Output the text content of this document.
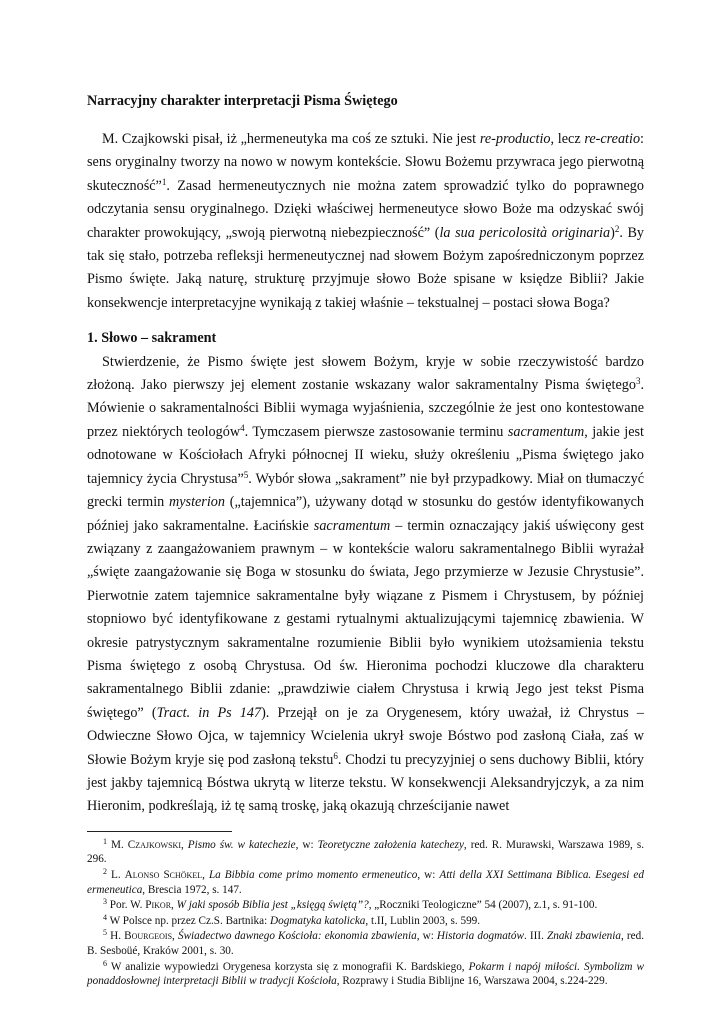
Narracyjny charakter interpretacji Pisma Świętego

M. Czajkowski pisał, iż „hermeneutyka ma coś ze sztuki. Nie jest re-productio, lecz re-creatio: sens oryginalny tworzy na nowo w nowym kontekście. Słowu Bożemu przywraca jego pierwotną skuteczność”$^1$. Zasad hermeneutycznych nie można zatem sprowadzić tylko do poprawnego odczytania sensu oryginalnego. Dzięki właściwej hermeneutyce słowo Boże ma odzyskać swój charakter prowokujący, „swoją pierwotną niebezpieczność” (la sua pericolosità originaria)$^2$. By tak się stało, potrzeba refleksji hermeneutycznej nad słowem Bożym zapośredniczonym poprzez Pismo święte. Jaką naturę, strukturę przyjmuje słowo Boże spisane w księdze Biblii? Jakie konsekwencje interpretacyjne wynikają z takiej właśnie – tekstualnej – postaci słowa Boga?

1. Słowo – sakrament

Stwierdzenie, że Pismo święte jest słowem Bożym, kryje w sobie rzeczywistość bardzo złożoną. Jako pierwszy jej element zostanie wskazany walor sakramentalny Pisma świętego$^3$. Mówienie o sakramentalności Biblii wymaga wyjaśnienia, szczególnie że jest ono kontestowane przez niektórych teologów$^4$. Tymczasem pierwsze zastosowanie terminu sacramentum, jakie jest odnotowane w Kościołach Afryki północnej II wieku, służy określeniu „Pisma świętego jako tajemnicy życia Chrystusa”$^5$. Wybór słowa „sakrament” nie był przypadkowy. Miał on tłumaczyć grecki termin mysterion („tajemnica”), używany dotąd w stosunku do gestów identyfikowanych później jako sakramentalne. Łacińskie sacramentum – termin oznaczający jakiś uświęcony gest związany z zaangażowaniem prawnym – w kontekście waloru sakramentalnego Biblii wyrażał „święte zaangażowanie się Boga w stosunku do świata, Jego przymierze w Jezusie Chrystusie”. Pierwotnie zatem tajemnice sakramentalne były wiązane z Pismem i Chrystusem, by później stopniowo być identyfikowane z gestami rytualnymi aktualizującymi tajemnicę zbawienia. W okresie patrystycznym sakramentalne rozumienie Biblii było wynikiem utożsamienia tekstu Pisma świętego z osobą Chrystusa. Od św. Hieronima pochodzi kluczowe dla charakteru sakramentalnego Biblii zdanie: „prawdziwie ciałem Chrystusa i krwią Jego jest tekst Pisma świętego” (Tract. in Ps 147). Przejął on je za Orygenesem, który uważał, iż Chrystus – Odwieczne Słowo Ojca, w tajemnicy Wcielenia ukrył swoje Bóstwo pod zasłoną Ciała, zaś w Słowie Bożym kryje się pod zasłoną tekstu$^6$. Chodzi tu precyzyjniej o sens duchowy Biblii, który jest jakby tajemnicą Bóstwa ukrytą w literze tekstu. W konsekwencji Aleksandryjczyk, a za nim Hieronim, podkreślają, iż tę samą troskę, jaką okazują chrześcijanie nawet

$^1$ M. Czajkowski, Pismo św. w katechezie, w: Teoretyczne założenia katechezy, red. R. Murawski, Warszawa 1989, s. 296.

$^2$ L. Alonso Schökel, La Bibbia come primo momento ermeneutico, w: Atti della XXI Settimana Biblica. Esegesi ed ermeneutica, Brescia 1972, s. 147.

$^3$ Por. W. Pikor, W jaki sposób Biblia jest „księgą świętą”?, „Roczniki Teologiczne” 54 (2007), z.1, s. 91-100.

$^4$ W Polsce np. przez Cz.S. Bartnika: Dogmatyka katolicka, t.II, Lublin 2003, s. 599.

$^5$ H. Bourgeois, Świadectwo dawnego Kościoła: ekonomia zbawienia, w: Historia dogmatów. III. Znaki zbawienia, red. B. Sesboüé, Kraków 2001, s. 30.

$^6$ W analizie wypowiedzi Orygenesa korzysta się z monografii K. Bardskiego, Pokarm i napój miłości. Symbolizm w ponaddosłownej interpretacji Biblii w tradycji Kościoła, Rozprawy i Studia Biblijne 16, Warszawa 2004, s.224-229.
